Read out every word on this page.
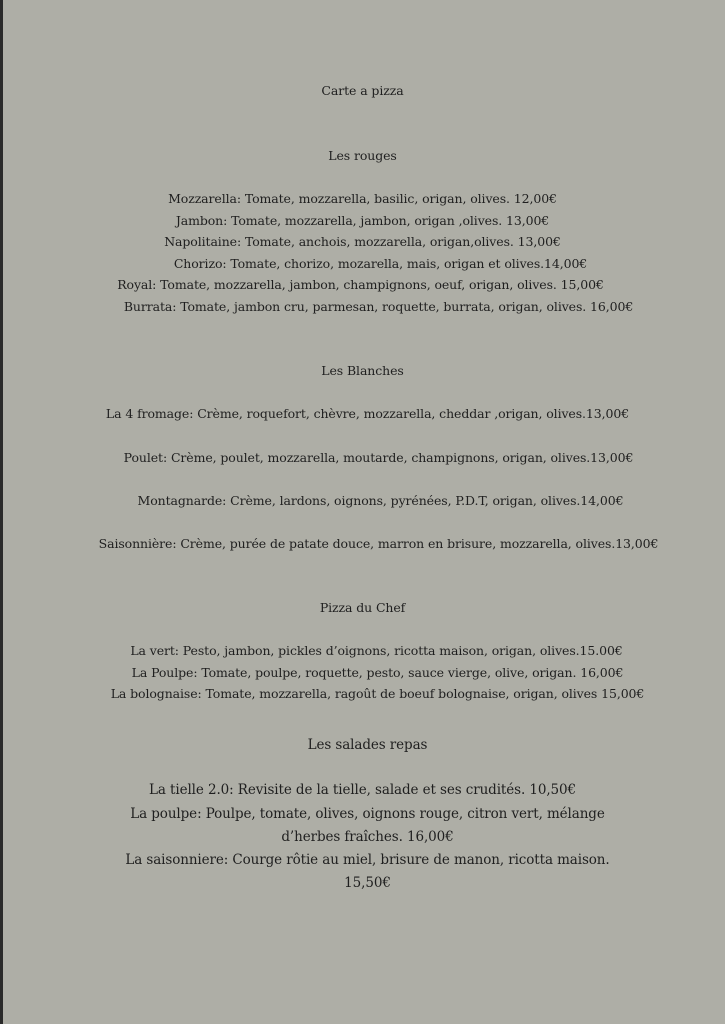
Carte a pizza
Les rouges
Mozzarella: Tomate, mozzarella, basilic, origan, olives. 12,00€
Jambon: Tomate, mozzarella, jambon, origan ,olives. 13,00€
Napolitaine: Tomate, anchois, mozzarella, origan,olives. 13,00€
Chorizo: Tomate, chorizo, mozarella, mais, origan et olives.14,00€
Royal: Tomate, mozzarella, jambon, champignons, oeuf, origan, olives. 15,00€
Burrata: Tomate, jambon cru, parmesan, roquette, burrata, origan, olives. 16,00€
Les Blanches
La 4 fromage: Crème, roquefort, chèvre, mozzarella, cheddar ,origan, olives.13,00€
Poulet: Crème, poulet, mozzarella, moutarde, champignons, origan, olives.13,00€
Montagnarde: Crème, lardons, oignons, pyrénées, P.D.T, origan, olives.14,00€
Saisonnière: Crème, purée de patate douce, marron en brisure, mozzarella, olives.13,00€
Pizza du Chef
La vert: Pesto, jambon, pickles d’oignons, ricotta maison, origan, olives.15.00€
La Poulpe: Tomate, poulpe, roquette, pesto, sauce vierge, olive, origan. 16,00€
La bolognaise: Tomate, mozzarella, ragoût de boeuf bolognaise, origan, olives 15,00€
Les salades repas
La tielle 2.0: Revisite de la tielle, salade et ses crudités. 10,50€
La poulpe: Poulpe, tomate, olives, oignons rouge, citron vert, mélange
d’herbes fraîches. 16,00€
La saisonniere: Courge rôtie au miel, brisure de manon, ricotta maison.
15,50€
